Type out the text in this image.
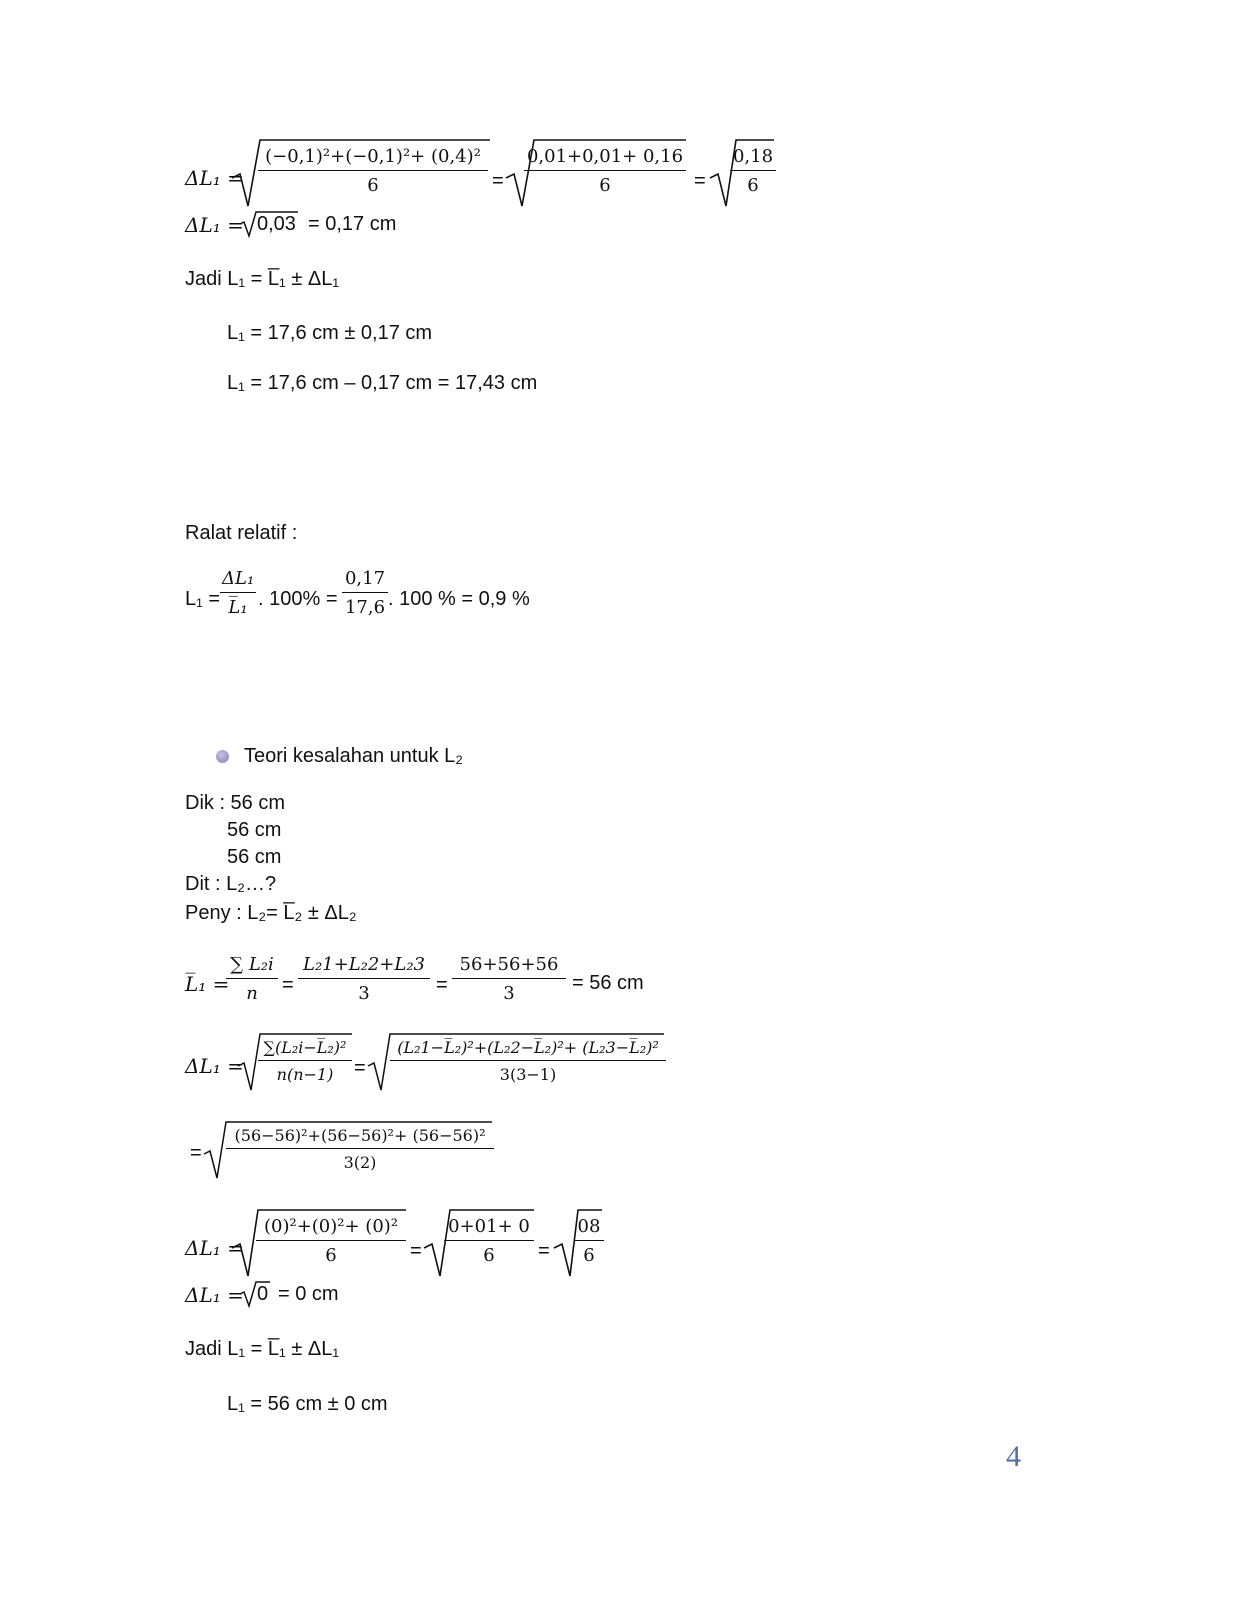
$\Delta L_1 = \frac{\text{(−0,1)²+(−0,1)²+ (0,4)²}}{6} = \frac{0,01+0,01+ 0,16}{6} = \frac{0,18}{6}$
ΔL₁ = 0,03 = 0,17 cm
Jadi L₁ = L̅₁ ± ΔL₁
L₁ = 17,6 cm ± 0,17 cm
L₁ = 17,6 cm – 0,17 cm = 17,43 cm
Ralat relatif :
$L_1 = \frac{\text{ΔL₁}}{\text{L̅₁}}$ . $100\% = \frac{0,17}{17,6}$ . 100 % = 0,9 %
Teori kesalahan untuk L₂
Dik : 56 cm
56 cm
56 cm
Dit : L₂…?
Peny : L₂= L̅₂ ± ΔL₂
L̅₁ =
$\frac{\text{∑ L₂i}}{n} = \frac{\text{L₂1+L₂2+L₂3}}{3} = \frac{56+56+56}{3} = 56$ cm
$\Delta L_1 = \frac{\text{∑(L₂i−L̅₂)²}}{n(n-1)} = \frac{\text{(L₂1−L̅₂)²+(L₂2−L̅₂)²+ (L₂3−L̅₂)²}}{3(3-1)}$
= $\frac{\text{(56−56)²+(56−56)²+ (56−56)²}}{3(2)}$
$\Delta L_1 = \frac{\text{(0)²+(0)²+ (0)²}}{6} = \frac{0+01+ 0}{6} = \frac{08}{6}$
ΔL₁ = 0 = 0 cm
Jadi L₁ = L̅₁ ± ΔL₁
L₁ = 56 cm ± 0 cm
4
